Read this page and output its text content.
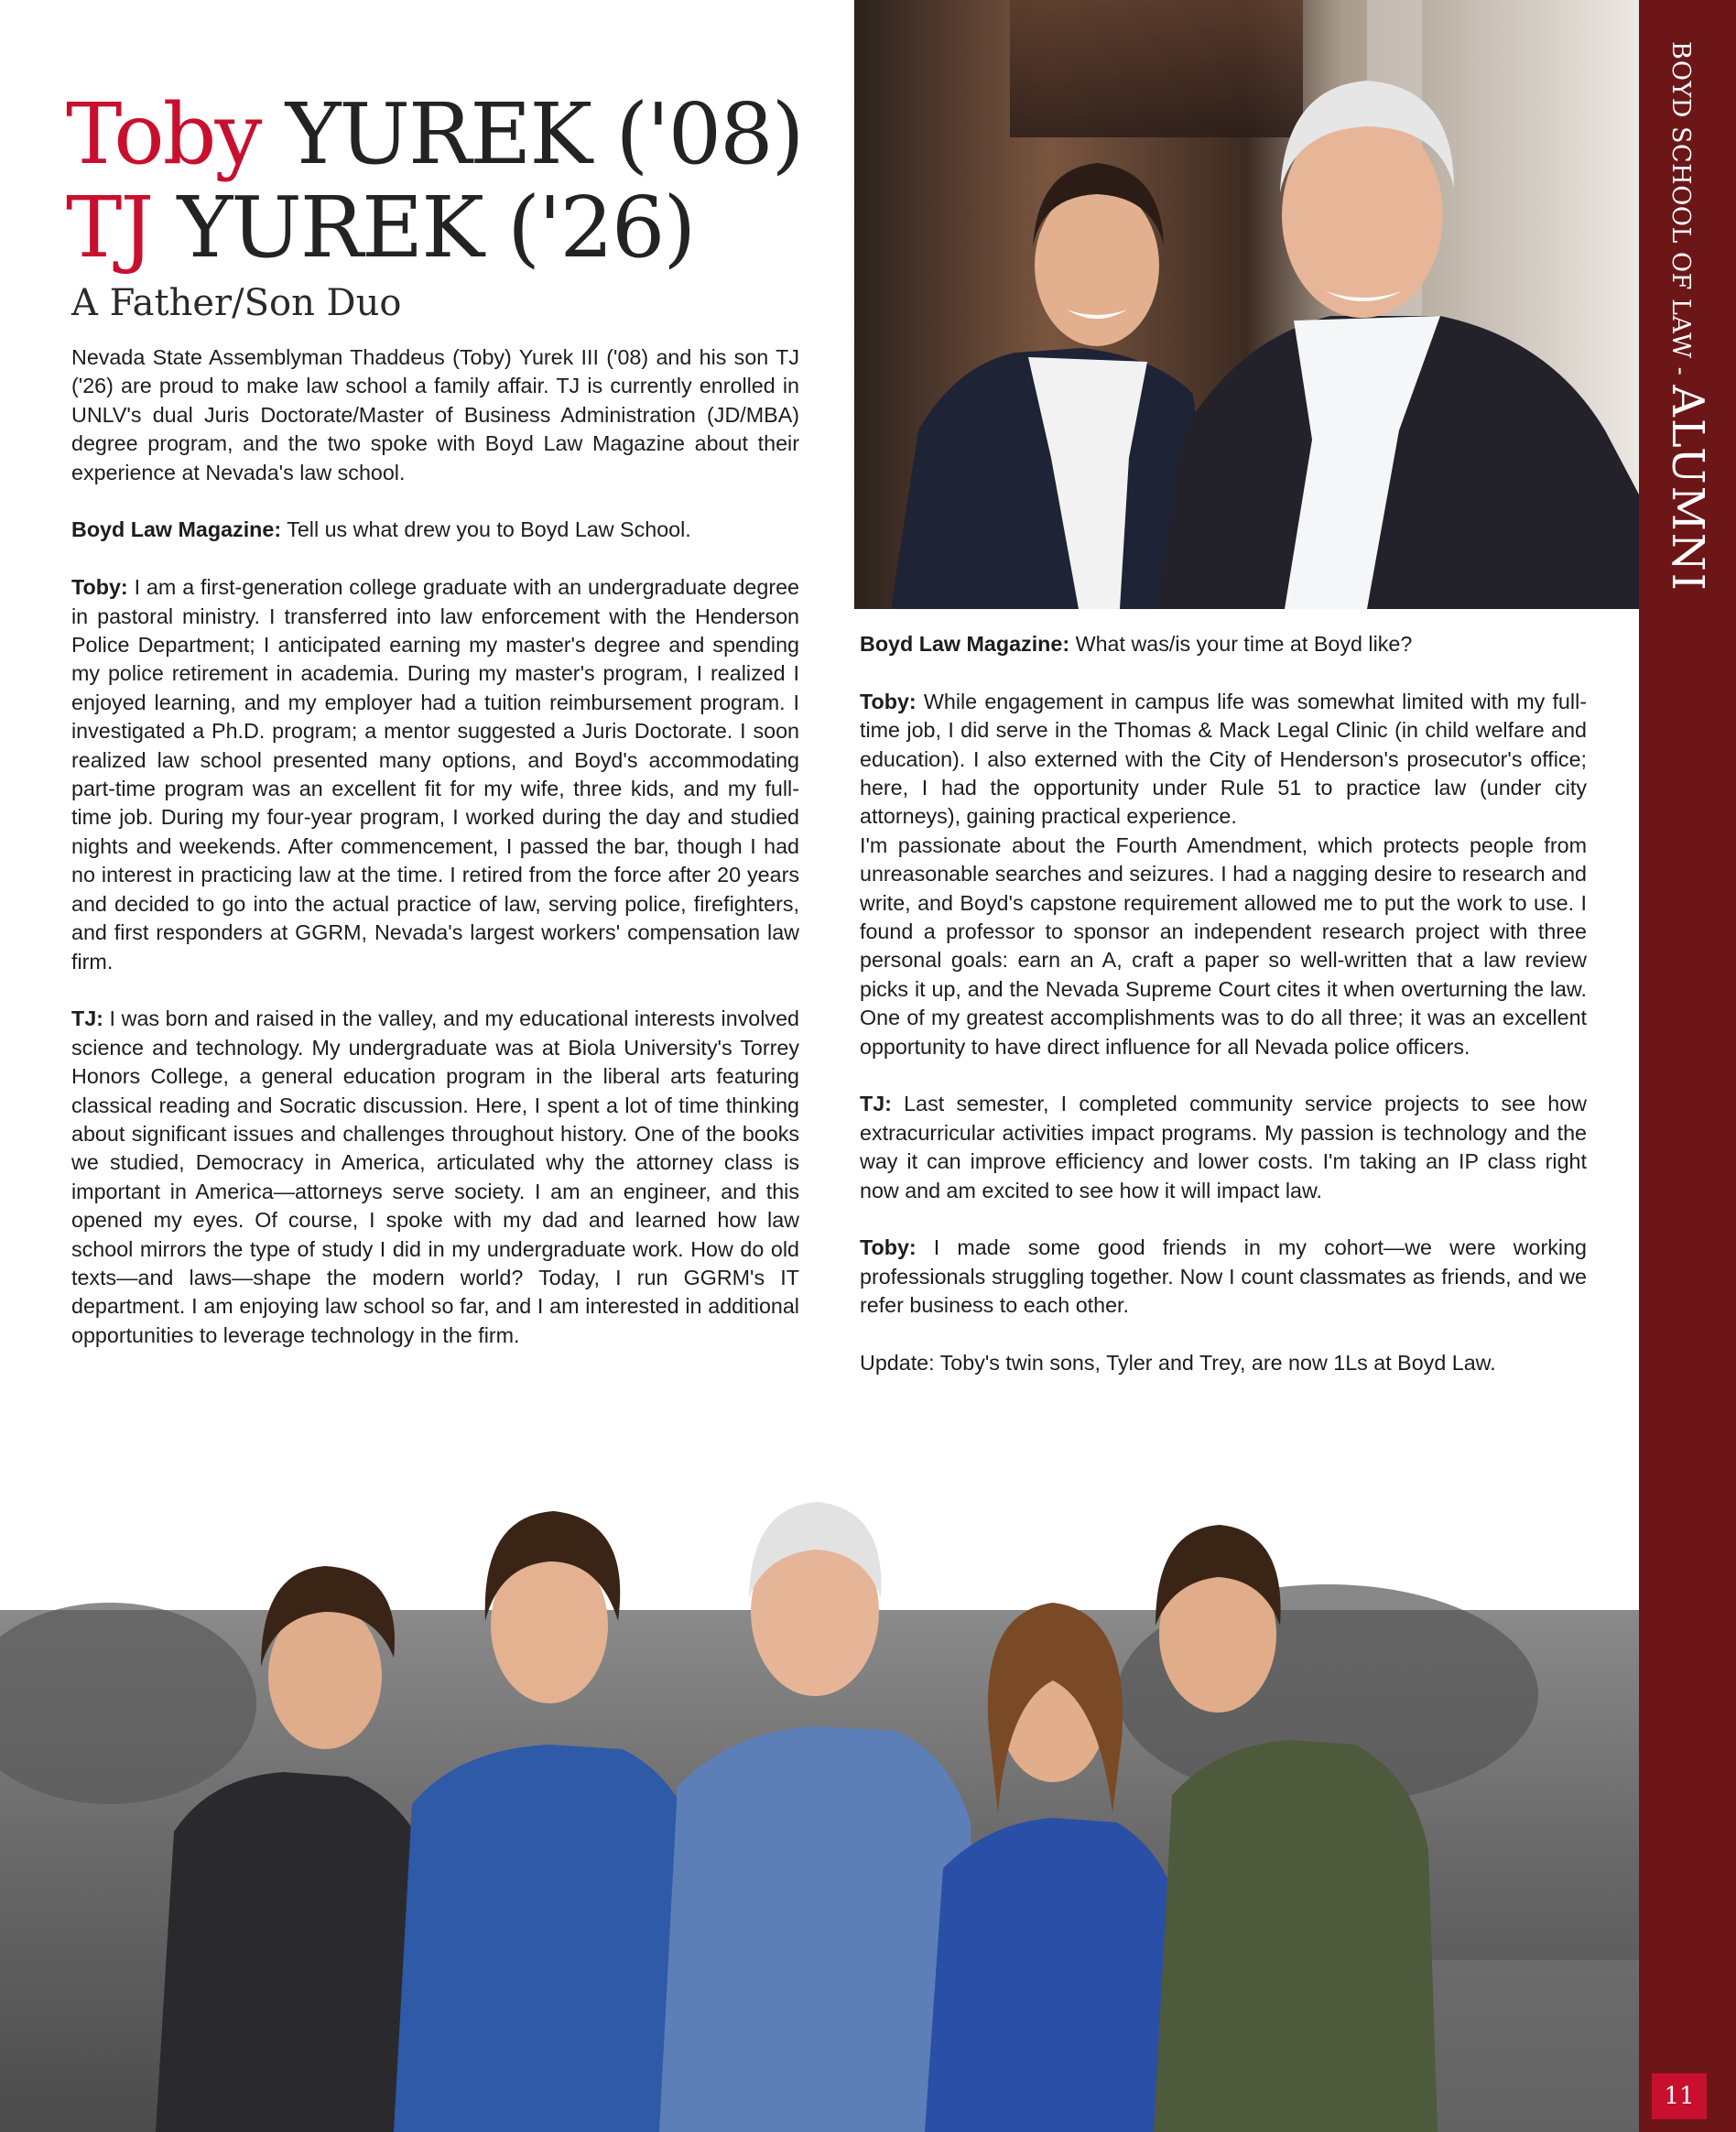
BOYD SCHOOL OF LAW -
ALUMNI
11
Toby YUREK ('08)
TJ YUREK ('26)
A Father/Son Duo

Nevada State Assemblyman Thaddeus (Toby) Yurek III ('08) and his son TJ ('26) are proud to make law school a family affair. TJ is currently enrolled in UNLV's dual Juris Doctorate/Master of Business Administration (JD/MBA) degree program, and the two spoke with Boyd Law Magazine about their experience at Nevada's law school.

Boyd Law Magazine: Tell us what drew you to Boyd Law School.

Toby: I am a first-generation college graduate with an undergraduate degree in pastoral ministry. I transferred into law enforcement with the Henderson Police Department; I anticipated earning my master's degree and spending my police retirement in academia. During my master's program, I realized I enjoyed learning, and my employer had a tuition reimbursement program. I investigated a Ph.D. program; a mentor suggested a Juris Doctorate. I soon realized law school presented many options, and Boyd's accommodating part-time program was an excellent fit for my wife, three kids, and my full-time job. During my four-year program, I worked during the day and studied nights and weekends. After commencement, I passed the bar, though I had no interest in practicing law at the time. I retired from the force after 20 years and decided to go into the actual practice of law, serving police, firefighters, and first responders at GGRM, Nevada's largest workers' compensation law firm.

TJ: I was born and raised in the valley, and my educational interests involved science and technology. My undergraduate was at Biola University's Torrey Honors College, a general education program in the liberal arts featuring classical reading and Socratic discussion. Here, I spent a lot of time thinking about significant issues and challenges throughout history. One of the books we studied, Democracy in America, articulated why the attorney class is important in America—attorneys serve society. I am an engineer, and this opened my eyes. Of course, I spoke with my dad and learned how law school mirrors the type of study I did in my undergraduate work. How do old texts—and laws—shape the modern world? Today, I run GGRM's IT department. I am enjoying law school so far, and I am interested in additional opportunities to leverage technology in the firm.

Boyd Law Magazine: What was/is your time at Boyd like?

Toby: While engagement in campus life was somewhat limited with my full-time job, I did serve in the Thomas & Mack Legal Clinic (in child welfare and education). I also externed with the City of Henderson's prosecutor's office; here, I had the opportunity under Rule 51 to practice law (under city attorneys), gaining practical experience.

I'm passionate about the Fourth Amendment, which protects people from unreasonable searches and seizures. I had a nagging desire to research and write, and Boyd's capstone requirement allowed me to put the work to use. I found a professor to sponsor an independent research project with three personal goals: earn an A, craft a paper so well-written that a law review picks it up, and the Nevada Supreme Court cites it when overturning the law. One of my greatest accomplishments was to do all three; it was an excellent opportunity to have direct influence for all Nevada police officers.

TJ: Last semester, I completed community service projects to see how extracurricular activities impact programs. My passion is technology and the way it can improve efficiency and lower costs. I'm taking an IP class right now and am excited to see how it will impact law.

Toby: I made some good friends in my cohort—we were working professionals struggling together. Now I count classmates as friends, and we refer business to each other.

Update: Toby's twin sons, Tyler and Trey, are now 1Ls at Boyd Law.
